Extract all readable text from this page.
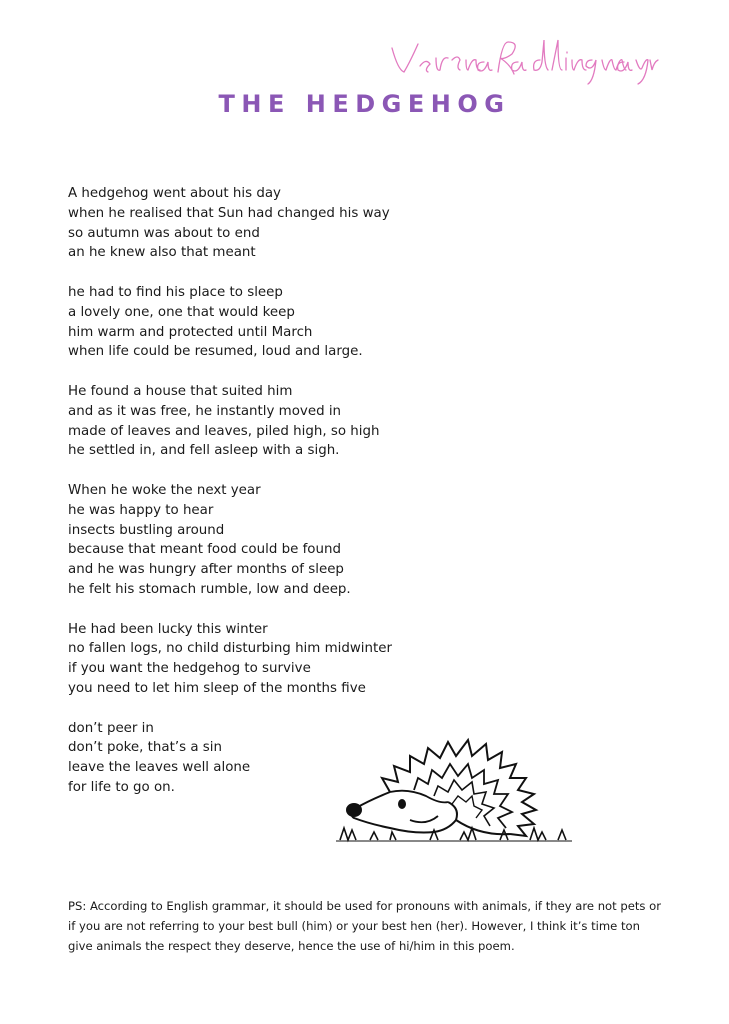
THE HEDGEHOG
A hedgehog went about his day
when he realised that Sun had changed his way
so autumn was about to end
an he knew also that meant
he had to find his place to sleep
a lovely one, one that would keep
him warm and protected until March
when life could be resumed, loud and large.
He found a house that suited him
and as it was free, he instantly moved in
made of leaves and leaves, piled high, so high
he settled in, and fell asleep with a sigh.
When he woke the next year
he was happy to hear
insects bustling around
because that meant food could be found
and he was hungry after months of sleep
he felt his stomach rumble, low and deep.
He had been lucky this winter
no fallen logs, no child disturbing him midwinter
if you want the hedgehog to survive
you need to let him sleep of the months five
don’t peer in
don’t poke, that’s a sin
leave the leaves well alone
for life to go on.
PS: According to English grammar, it should be used for pronouns with animals, if they are not pets or if you are not referring to your best bull (him) or your best hen (her). However, I think it’s time ton give animals the respect they deserve, hence the use of hi/him in this poem.
